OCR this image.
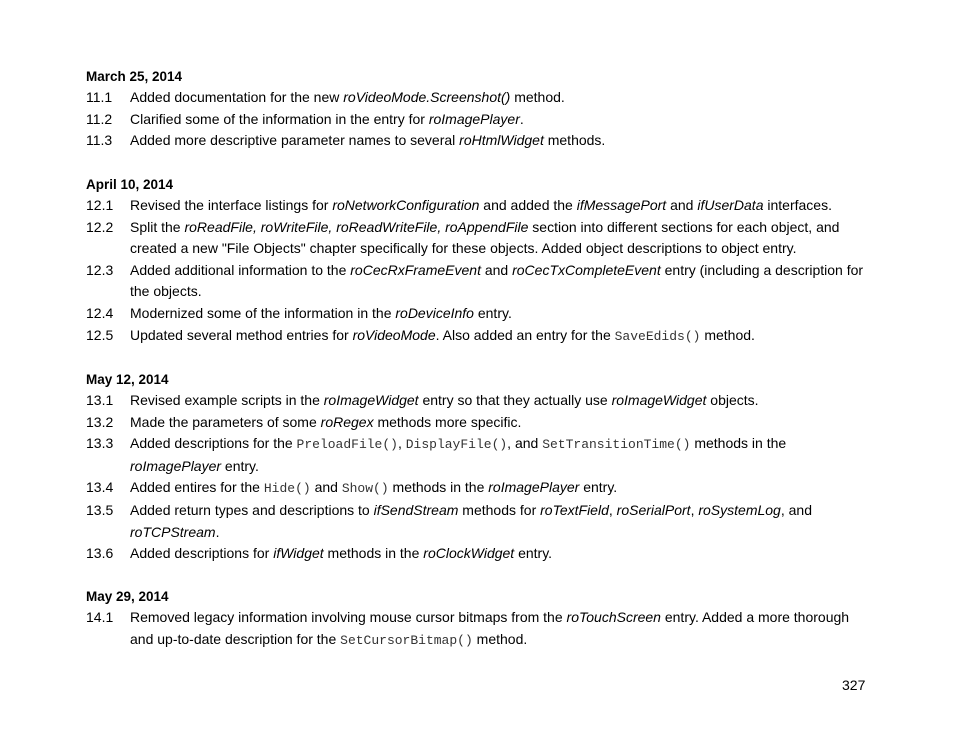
March 25, 2014
11.1	Added documentation for the new roVideoMode.Screenshot() method.
11.2	Clarified some of the information in the entry for roImagePlayer.
11.3	Added more descriptive parameter names to several roHtmlWidget methods.
April 10, 2014
12.1	Revised the interface listings for roNetworkConfiguration and added the ifMessagePort and ifUserData interfaces.
12.2	Split the roReadFile, roWriteFile, roReadWriteFile, roAppendFile section into different sections for each object, and created a new "File Objects" chapter specifically for these objects. Added object descriptions to object entry.
12.3	Added additional information to the roCecRxFrameEvent and roCecTxCompleteEvent entry (including a description for the objects.
12.4	Modernized some of the information in the roDeviceInfo entry.
12.5	Updated several method entries for roVideoMode. Also added an entry for the SaveEdids() method.
May 12, 2014
13.1	Revised example scripts in the roImageWidget entry so that they actually use roImageWidget objects.
13.2	Made the parameters of some roRegex methods more specific.
13.3	Added descriptions for the PreloadFile(), DisplayFile(), and SetTransitionTime() methods in the roImagePlayer entry.
13.4	Added entires for the Hide() and Show() methods in the roImagePlayer entry.
13.5	Added return types and descriptions to ifSendStream methods for roTextField, roSerialPort, roSystemLog, and roTCPStream.
13.6	Added descriptions for ifWidget methods in the roClockWidget entry.
May 29, 2014
14.1	Removed legacy information involving mouse cursor bitmaps from the roTouchScreen entry. Added a more thorough and up-to-date description for the SetCursorBitmap() method.
327
